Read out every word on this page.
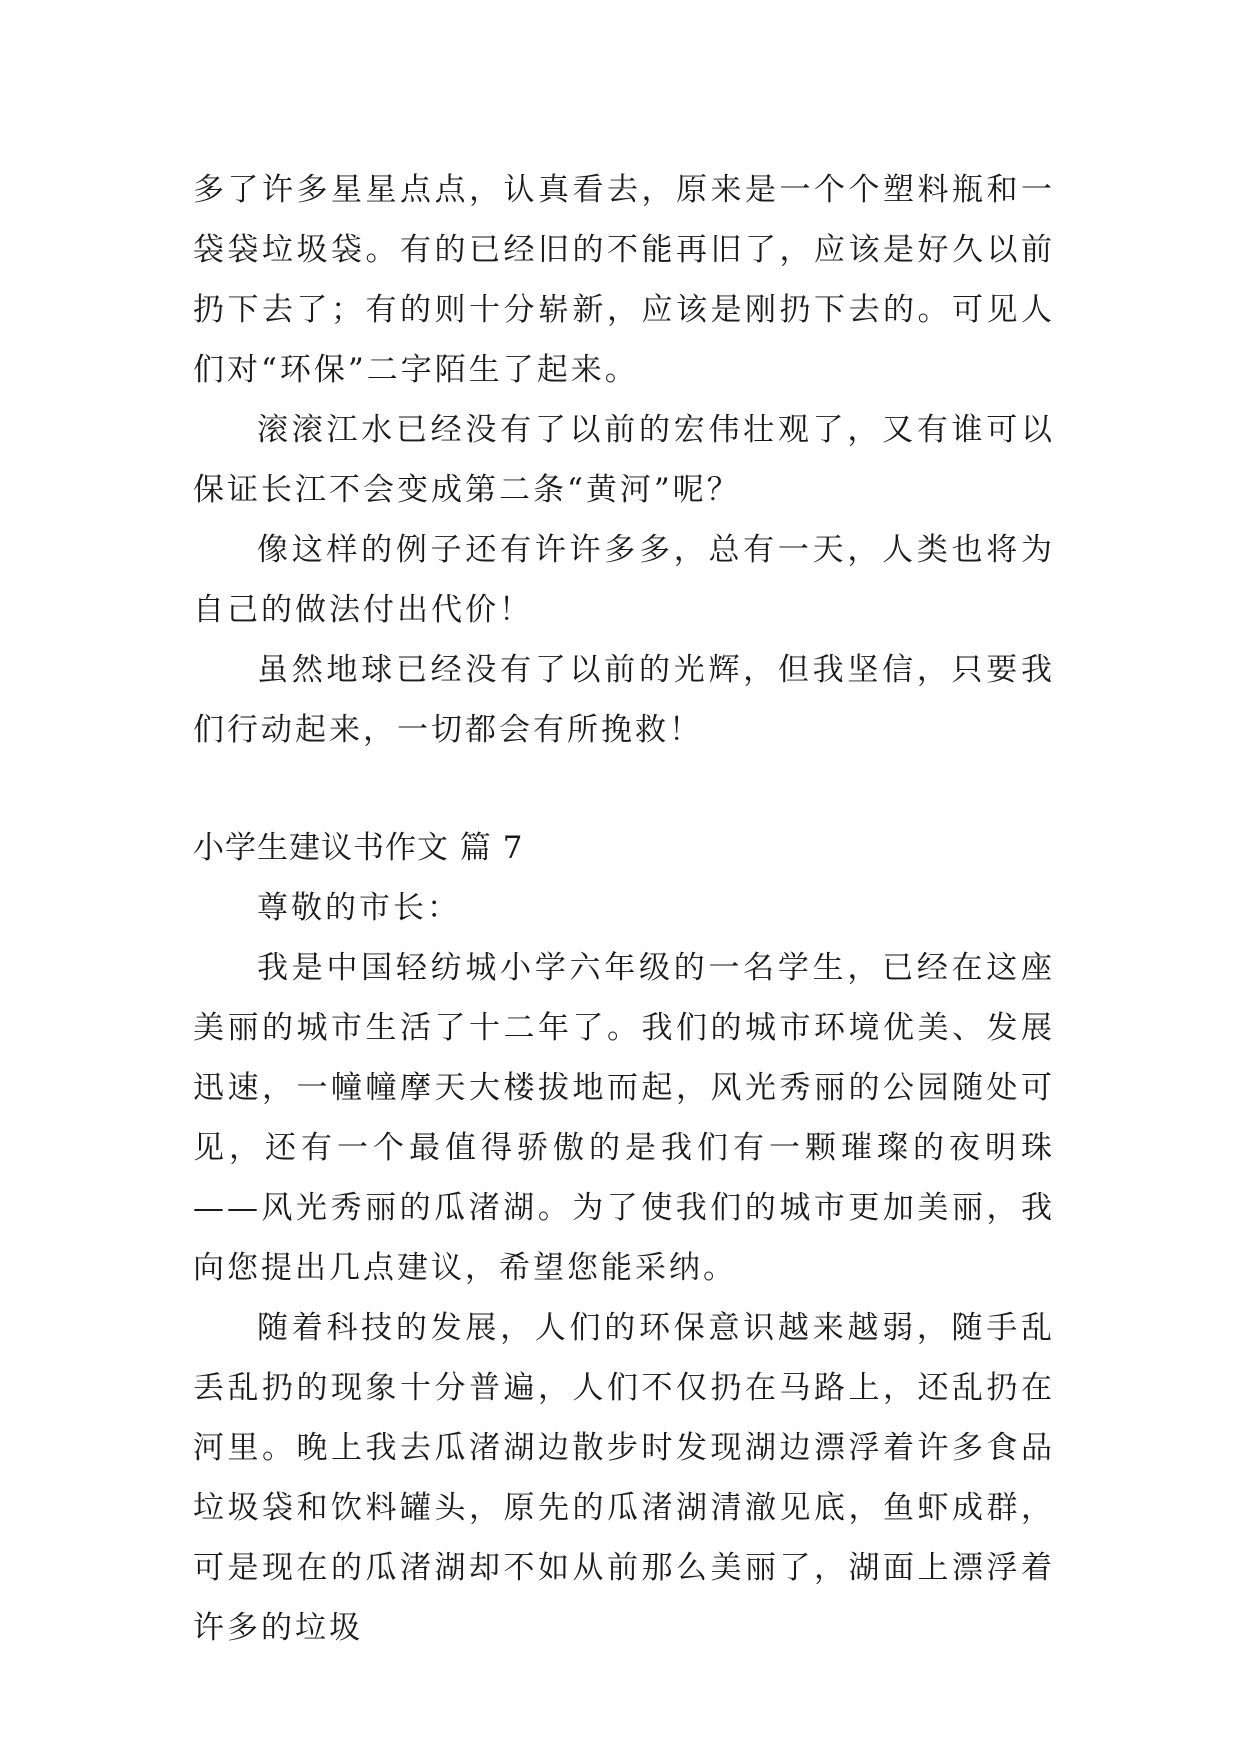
多了许多星星点点，认真看去，原来是一个个塑料瓶和一袋袋垃圾袋。有的已经旧的不能再旧了，应该是好久以前扔下去了；有的则十分崭新，应该是刚扔下去的。可见人们对“环保”二字陌生了起来。

滚滚江水已经没有了以前的宏伟壮观了，又有谁可以保证长江不会变成第二条“黄河”呢？

像这样的例子还有许许多多，总有一天，人类也将为自己的做法付出代价！

虽然地球已经没有了以前的光辉，但我坚信，只要我们行动起来，一切都会有所挽救！

小学生建议书作文 篇 7

尊敬的市长：

我是中国轻纺城小学六年级的一名学生，已经在这座美丽的城市生活了十二年了。我们的城市环境优美、发展迅速，一幢幢摩天大楼拔地而起，风光秀丽的公园随处可见，还有一个最值得骄傲的是我们有一颗璀璨的夜明珠——风光秀丽的瓜渚湖。为了使我们的城市更加美丽，我向您提出几点建议，希望您能采纳。

随着科技的发展，人们的环保意识越来越弱，随手乱丢乱扔的现象十分普遍，人们不仅扔在马路上，还乱扔在河里。晚上我去瓜渚湖边散步时发现湖边漂浮着许多食品垃圾袋和饮料罐头，原先的瓜渚湖清澈见底，鱼虾成群，可是现在的瓜渚湖却不如从前那么美丽了，湖面上漂浮着许多的垃圾
